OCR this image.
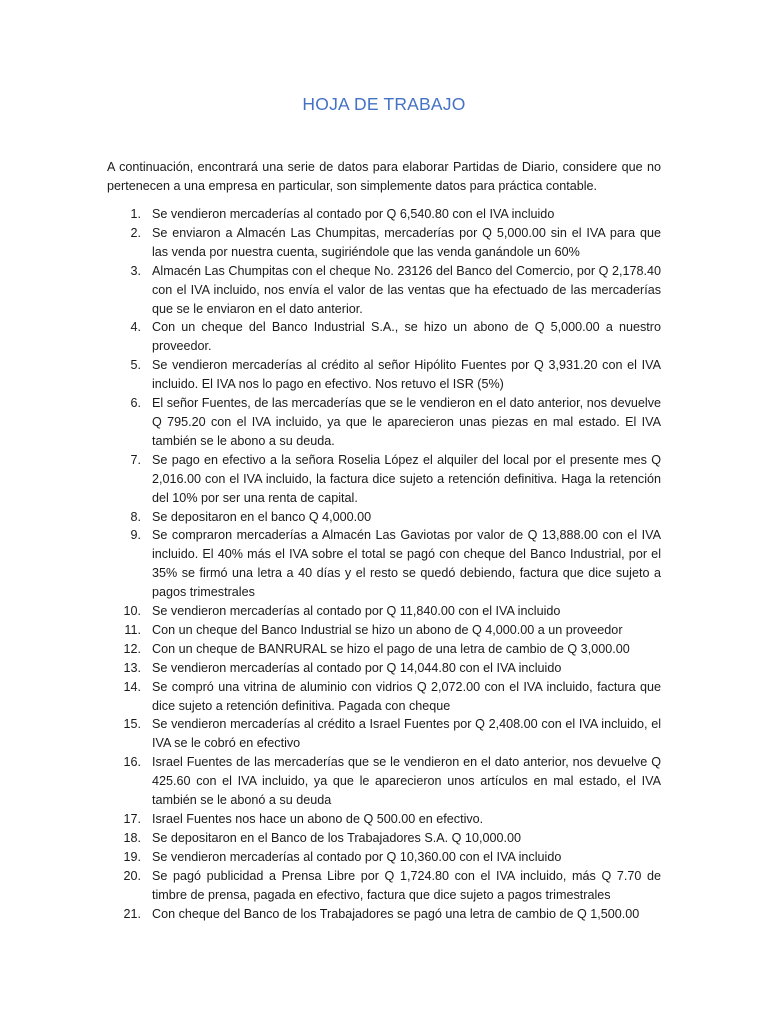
HOJA DE TRABAJO

A continuación, encontrará una serie de datos para elaborar Partidas de Diario, considere que no pertenecen a una empresa en particular, son simplemente datos para práctica contable.

1. Se vendieron mercaderías al contado por Q 6,540.80 con el IVA incluido
2. Se enviaron a Almacén Las Chumpitas, mercaderías por Q 5,000.00 sin el IVA para que las venda por nuestra cuenta, sugiriéndole que las venda ganándole un 60%
3. Almacén Las Chumpitas con el cheque No. 23126 del Banco del Comercio, por Q 2,178.40 con el IVA incluido, nos envía el valor de las ventas que ha efectuado de las mercaderías que se le enviaron en el dato anterior.
4. Con un cheque del Banco Industrial S.A., se hizo un abono de Q 5,000.00 a nuestro proveedor.
5. Se vendieron mercaderías al crédito al señor Hipólito Fuentes por Q 3,931.20 con el IVA incluido. El IVA nos lo pago en efectivo. Nos retuvo el ISR (5%)
6. El señor Fuentes, de las mercaderías que se le vendieron en el dato anterior, nos devuelve Q 795.20 con el IVA incluido, ya que le aparecieron unas piezas en mal estado. El IVA también se le abono a su deuda.
7. Se pago en efectivo a la señora Roselia López el alquiler del local por el presente mes Q 2,016.00 con el IVA incluido, la factura dice sujeto a retención definitiva. Haga la retención del 10% por ser una renta de capital.
8. Se depositaron en el banco Q 4,000.00
9. Se compraron mercaderías a Almacén Las Gaviotas por valor de Q 13,888.00 con el IVA incluido. El 40% más el IVA sobre el total se pagó con cheque del Banco Industrial, por el 35% se firmó una letra a 40 días y el resto se quedó debiendo, factura que dice sujeto a pagos trimestrales
10. Se vendieron mercaderías al contado por Q 11,840.00 con el IVA incluido
11. Con un cheque del Banco Industrial se hizo un abono de Q 4,000.00 a un proveedor
12. Con un cheque de BANRURAL se hizo el pago de una letra de cambio de Q 3,000.00
13. Se vendieron mercaderías al contado por Q 14,044.80 con el IVA incluido
14. Se compró una vitrina de aluminio con vidrios Q 2,072.00 con el IVA incluido, factura que dice sujeto a retención definitiva. Pagada con cheque
15. Se vendieron mercaderías al crédito a Israel Fuentes por Q 2,408.00 con el IVA incluido, el IVA se le cobró en efectivo
16. Israel Fuentes de las mercaderías que se le vendieron en el dato anterior, nos devuelve Q 425.60 con el IVA incluido, ya que le aparecieron unos artículos en mal estado, el IVA también se le abonó a su deuda
17. Israel Fuentes nos hace un abono de Q 500.00 en efectivo.
18. Se depositaron en el Banco de los Trabajadores S.A. Q 10,000.00
19. Se vendieron mercaderías al contado por Q 10,360.00 con el IVA incluido
20. Se pagó publicidad a Prensa Libre por Q 1,724.80 con el IVA incluido, más Q 7.70 de timbre de prensa, pagada en efectivo, factura que dice sujeto a pagos trimestrales
21. Con cheque del Banco de los Trabajadores se pagó una letra de cambio de Q 1,500.00
